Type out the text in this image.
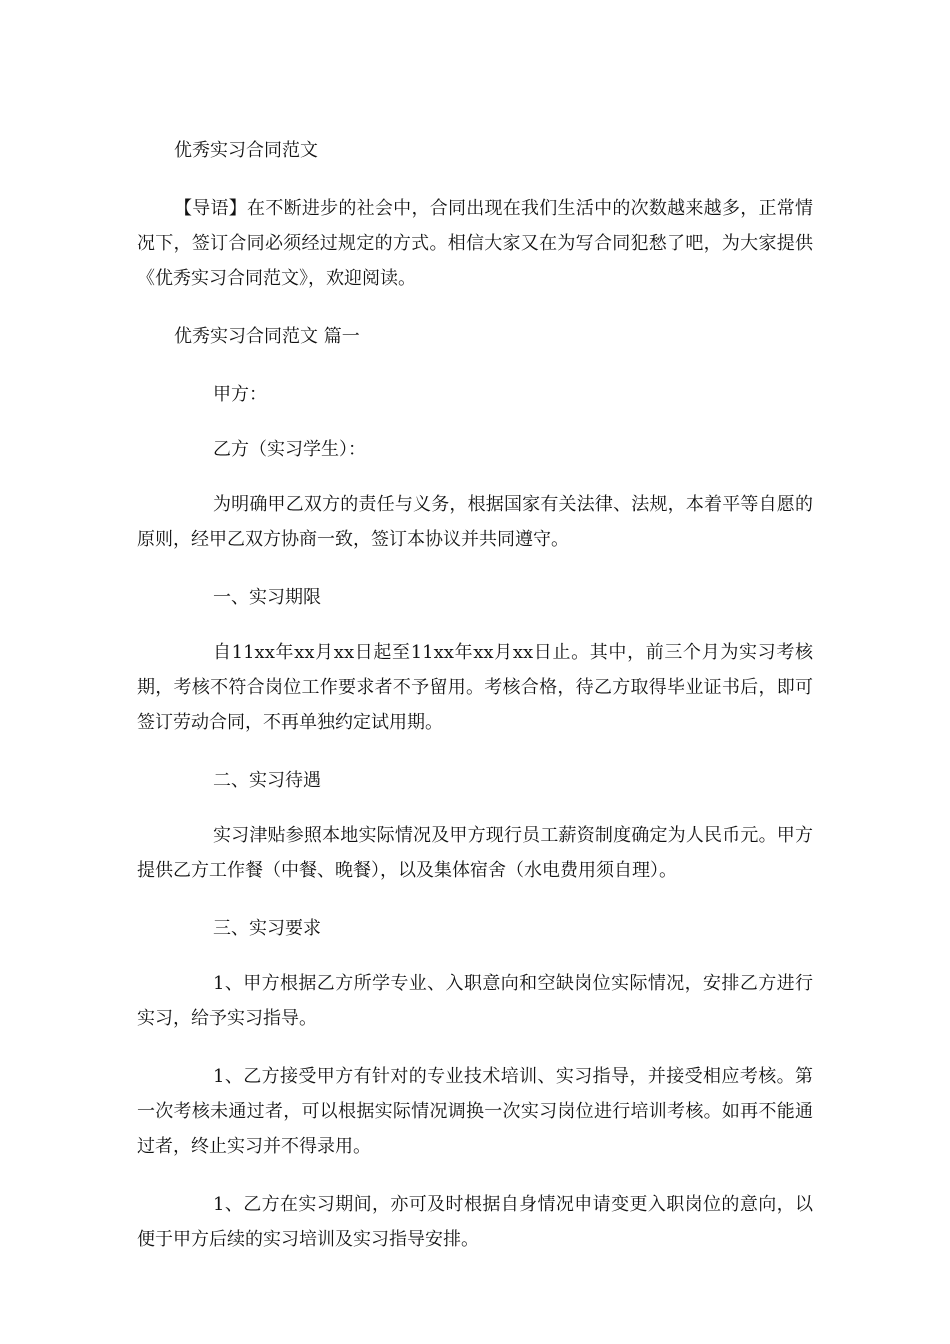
优秀实习合同范文

【导语】在不断进步的社会中，合同出现在我们生活中的次数越来越多，正常情况下，签订合同必须经过规定的方式。相信大家又在为写合同犯愁了吧，为大家提供《优秀实习合同范文》，欢迎阅读。

优秀实习合同范文 篇一

甲方：

乙方（实习学生）：

为明确甲乙双方的责任与义务，根据国家有关法律、法规，本着平等自愿的原则，经甲乙双方协商一致，签订本协议并共同遵守。

一、实习期限

自11xx年xx月xx日起至11xx年xx月xx日止。其中，前三个月为实习考核期，考核不符合岗位工作要求者不予留用。考核合格，待乙方取得毕业证书后，即可签订劳动合同，不再单独约定试用期。

二、实习待遇

实习津贴参照本地实际情况及甲方现行员工薪资制度确定为人民币元。甲方提供乙方工作餐（中餐、晚餐），以及集体宿舍（水电费用须自理）。

三、实习要求

1、甲方根据乙方所学专业、入职意向和空缺岗位实际情况，安排乙方进行实习，给予实习指导。

1、乙方接受甲方有针对的专业技术培训、实习指导，并接受相应考核。第一次考核未通过者，可以根据实际情况调换一次实习岗位进行培训考核。如再不能通过者，终止实习并不得录用。

1、乙方在实习期间，亦可及时根据自身情况申请变更入职岗位的意向，以便于甲方后续的实习培训及实习指导安排。
